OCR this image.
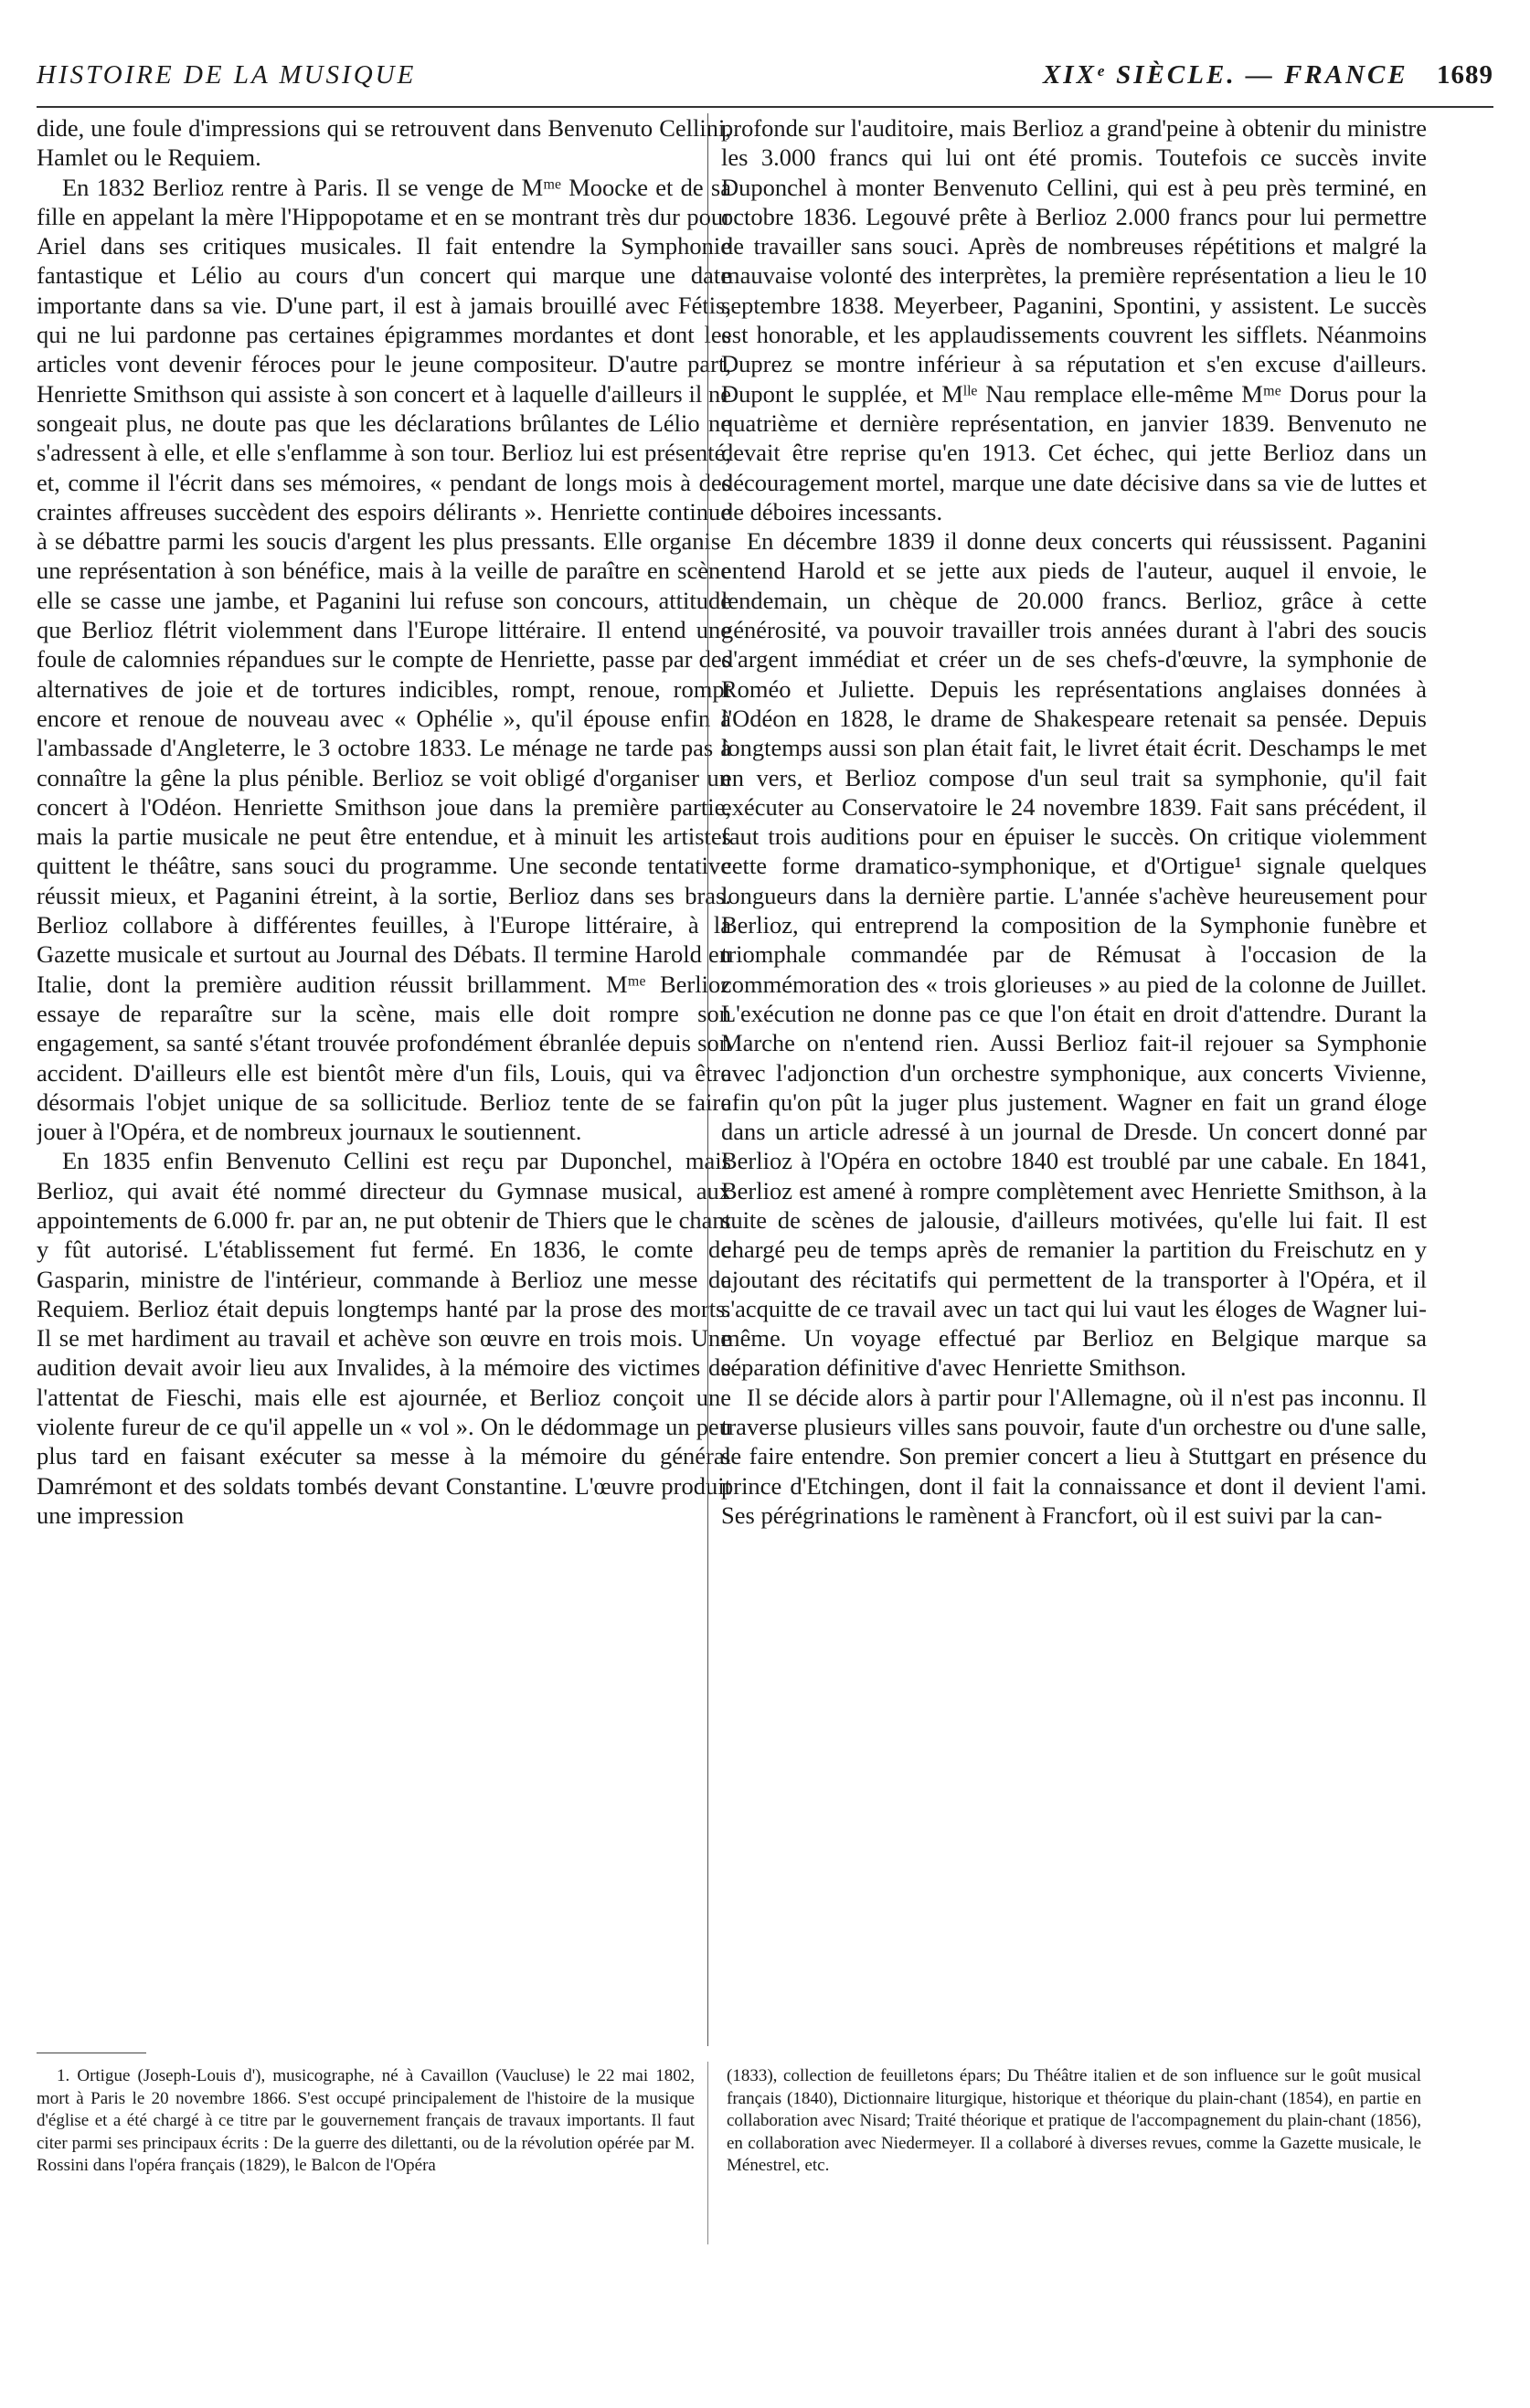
HISTOIRE DE LA MUSIQUE	XIXᵉ SIÈCLE. — FRANCE 1689

dide, une foule d'impressions qui se retrouvent dans Benvenuto Cellini, Hamlet ou le Requiem.

En 1832 Berlioz rentre à Paris. Il se venge de Mᵐᵉ Moocke et de sa fille en appelant la mère l'Hippopotame et en se montrant très dur pour Ariel dans ses critiques musicales. Il fait entendre la Symphonie fantastique et Lélio au cours d'un concert qui marque une date importante dans sa vie. D'une part, il est à jamais brouillé avec Fétis, qui ne lui pardonne pas certaines épigrammes mordantes et dont les articles vont devenir féroces pour le jeune compositeur. D'autre part, Henriette Smithson qui assiste à son concert et à laquelle d'ailleurs il ne songeait plus, ne doute pas que les déclarations brûlantes de Lélio ne s'adressent à elle, et elle s'enflamme à son tour. Berlioz lui est présenté, et, comme il l'écrit dans ses mémoires, « pendant de longs mois à des craintes affreuses succèdent des espoirs délirants ». Henriette continue à se débattre parmi les soucis d'argent les plus pressants. Elle organise une représentation à son bénéfice, mais à la veille de paraître en scène elle se casse une jambe, et Paganini lui refuse son concours, attitude que Berlioz flétrit violemment dans l'Europe littéraire. Il entend une foule de calomnies répandues sur le compte de Henriette, passe par des alternatives de joie et de tortures indicibles, rompt, renoue, rompt encore et renoue de nouveau avec « Ophélie », qu'il épouse enfin à l'ambassade d'Angleterre, le 3 octobre 1833. Le ménage ne tarde pas à connaître la gêne la plus pénible. Berlioz se voit obligé d'organiser un concert à l'Odéon. Henriette Smithson joue dans la première partie, mais la partie musicale ne peut être entendue, et à minuit les artistes quittent le théâtre, sans souci du programme. Une seconde tentative réussit mieux, et Paganini étreint, à la sortie, Berlioz dans ses bras. Berlioz collabore à différentes feuilles, à l'Europe littéraire, à la Gazette musicale et surtout au Journal des Débats. Il termine Harold en Italie, dont la première audition réussit brillamment. Mᵐᵉ Berlioz essaye de reparaître sur la scène, mais elle doit rompre son engagement, sa santé s'étant trouvée profondément ébranlée depuis son accident. D'ailleurs elle est bientôt mère d'un fils, Louis, qui va être désormais l'objet unique de sa sollicitude. Berlioz tente de se faire jouer à l'Opéra, et de nombreux journaux le soutiennent.

En 1835 enfin Benvenuto Cellini est reçu par Duponchel, mais Berlioz, qui avait été nommé directeur du Gymnase musical, aux appointements de 6.000 fr. par an, ne put obtenir de Thiers que le chant y fût autorisé. L'établissement fut fermé. En 1836, le comte de Gasparin, ministre de l'intérieur, commande à Berlioz une messe de Requiem. Berlioz était depuis longtemps hanté par la prose des morts. Il se met hardiment au travail et achève son œuvre en trois mois. Une audition devait avoir lieu aux Invalides, à la mémoire des victimes de l'attentat de Fieschi, mais elle est ajournée, et Berlioz conçoit une violente fureur de ce qu'il appelle un « vol ». On le dédommage un peu plus tard en faisant exécuter sa messe à la mémoire du général Damrémont et des soldats tombés devant Constantine. L'œuvre produit une impression

profonde sur l'auditoire, mais Berlioz a grand'peine à obtenir du ministre les 3.000 francs qui lui ont été promis. Toutefois ce succès invite Duponchel à monter Benvenuto Cellini, qui est à peu près terminé, en octobre 1836. Legouvé prête à Berlioz 2.000 francs pour lui permettre de travailler sans souci. Après de nombreuses répétitions et malgré la mauvaise volonté des interprètes, la première représentation a lieu le 10 septembre 1838. Meyerbeer, Paganini, Spontini, y assistent. Le succès est honorable, et les applaudissements couvrent les sifflets. Néanmoins Duprez se montre inférieur à sa réputation et s'en excuse d'ailleurs. Dupont le supplée, et Mˡˡᵉ Nau remplace elle-même Mᵐᵉ Dorus pour la quatrième et dernière représentation, en janvier 1839. Benvenuto ne devait être reprise qu'en 1913. Cet échec, qui jette Berlioz dans un découragement mortel, marque une date décisive dans sa vie de luttes et de déboires incessants.

En décembre 1839 il donne deux concerts qui réussissent. Paganini entend Harold et se jette aux pieds de l'auteur, auquel il envoie, le lendemain, un chèque de 20.000 francs. Berlioz, grâce à cette générosité, va pouvoir travailler trois années durant à l'abri des soucis d'argent immédiat et créer un de ses chefs-d'œuvre, la symphonie de Roméo et Juliette. Depuis les représentations anglaises données à l'Odéon en 1828, le drame de Shakespeare retenait sa pensée. Depuis longtemps aussi son plan était fait, le livret était écrit. Deschamps le met en vers, et Berlioz compose d'un seul trait sa symphonie, qu'il fait exécuter au Conservatoire le 24 novembre 1839. Fait sans précédent, il faut trois auditions pour en épuiser le succès. On critique violemment cette forme dramatico-symphonique, et d'Ortigue¹ signale quelques longueurs dans la dernière partie. L'année s'achève heureusement pour Berlioz, qui entreprend la composition de la Symphonie funèbre et triomphale commandée par de Rémusat à l'occasion de la commémoration des « trois glorieuses » au pied de la colonne de Juillet. L'exécution ne donne pas ce que l'on était en droit d'attendre. Durant la Marche on n'entend rien. Aussi Berlioz fait-il rejouer sa Symphonie avec l'adjonction d'un orchestre symphonique, aux concerts Vivienne, afin qu'on pût la juger plus justement. Wagner en fait un grand éloge dans un article adressé à un journal de Dresde. Un concert donné par Berlioz à l'Opéra en octobre 1840 est troublé par une cabale. En 1841, Berlioz est amené à rompre complètement avec Henriette Smithson, à la suite de scènes de jalousie, d'ailleurs motivées, qu'elle lui fait. Il est chargé peu de temps après de remanier la partition du Freischutz en y ajoutant des récitatifs qui permettent de la transporter à l'Opéra, et il s'acquitte de ce travail avec un tact qui lui vaut les éloges de Wagner lui-même. Un voyage effectué par Berlioz en Belgique marque sa séparation définitive d'avec Henriette Smithson.

Il se décide alors à partir pour l'Allemagne, où il n'est pas inconnu. Il traverse plusieurs villes sans pouvoir, faute d'un orchestre ou d'une salle, se faire entendre. Son premier concert a lieu à Stuttgart en présence du prince d'Etchingen, dont il fait la connaissance et dont il devient l'ami. Ses pérégrinations le ramènent à Francfort, où il est suivi par la can-

1. Ortigue (Joseph-Louis d'), musicographe, né à Cavaillon (Vaucluse) le 22 mai 1802, mort à Paris le 20 novembre 1866. S'est occupé principalement de l'histoire de la musique d'église et a été chargé à ce titre par le gouvernement français de travaux importants. Il faut citer parmi ses principaux écrits : De la guerre des dilettanti, ou de la révolution opérée par M. Rossini dans l'opéra français (1829), le Balcon de l'Opéra

(1833), collection de feuilletons épars; Du Théâtre italien et de son influence sur le goût musical français (1840), Dictionnaire liturgique, historique et théorique du plain-chant (1854), en partie en collaboration avec Nisard; Traité théorique et pratique de l'accompagnement du plain-chant (1856), en collaboration avec Niedermeyer. Il a collaboré à diverses revues, comme la Gazette musicale, le Ménestrel, etc.
